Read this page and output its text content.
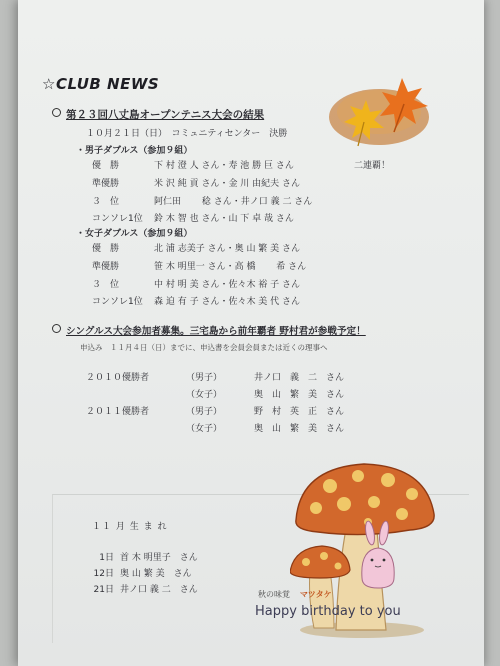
☆CLUB NEWS
第２３回八丈島オープンテニス大会の結果
１０月２１日（日）　コミュニティセンター　決勝
・男子ダブルス（参加９組）
優　勝	下 村 澄 人 さん・寿 池 勝 巨 さん	二連覇！
準優勝	米 沢 純 貢 さん・金 川 由紀夫 さん
３　位	阿仁田　　 稔 さん・井ノ口 義 二 さん
コンソレ1位 鈴 木 智 也 さん・山 下 卓 哉 さん
・女子ダブルス（参加９組）
優　勝	北 浦 志美子 さん・奥 山 繁 美 さん
準優勝	笹 木 明里一 さん・高 橋　　 希 さん
３　位	中 村 明 美 さん・佐々木 裕 子 さん
コンソレ1位 森 迫 有 子 さん・佐々木 美 代 さん
シングルス大会参加者募集。三宅島から前年覇者 野村君が参戦予定！
申込み　１１月４日（日）までに、申込書を会員会員または近くの理事へ
２０１０優勝者	（男子）	井ノ口　義　二　さん
（女子）	奥　山　繁　美　さん
２０１１優勝者	（男子）	野　村　英　正　さん
（女子）	奥　山　繁　美　さん
１１ 月 生 ま れ
1日 首 木 明里子　さん
12日 奥 山 繁 美　さん
21日 井ノ口 義 二　さん	秋の味覚 マツタケ
Happy birthday to you
